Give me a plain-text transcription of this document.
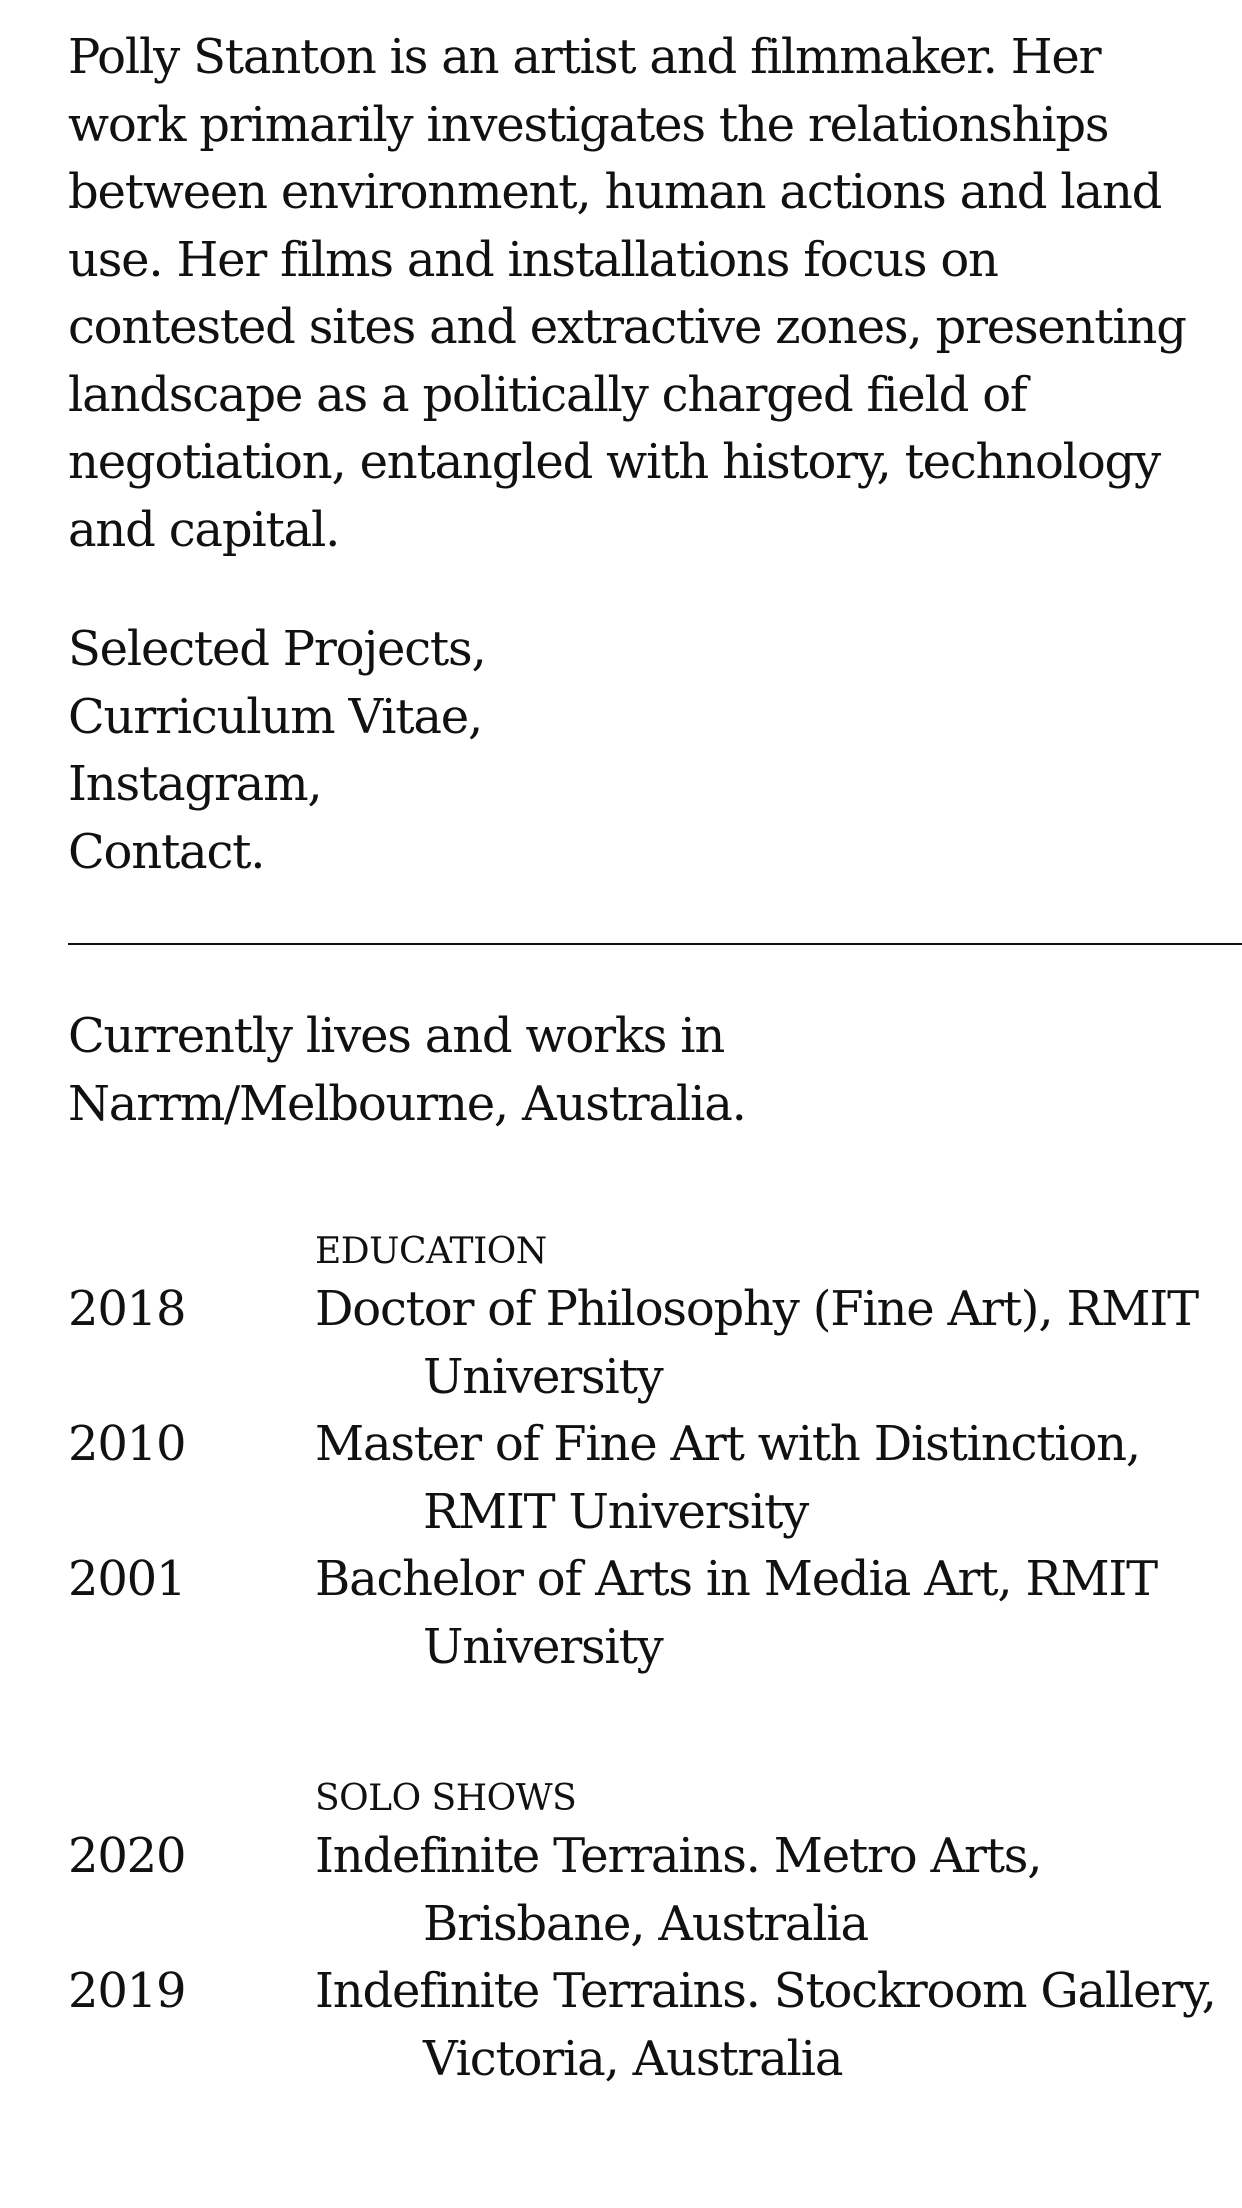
Polly Stanton is an artist and filmmaker. Her work primarily investigates the relationships between environment, human actions and land use. Her films and installations focus on contested sites and extractive zones, presenting landscape as a politically charged field of negotiation, entangled with history, technology and capital.

Selected Projects,
Curriculum Vitae,
Instagram,
Contact.
Currently lives and works in Narrm/Melbourne, Australia.
EDUCATION
2018	Doctor of Philosophy (Fine Art), RMIT University
2010	Master of Fine Art with Distinction, RMIT University
2001	Bachelor of Arts in Media Art, RMIT University
SOLO SHOWS
2020	Indefinite Terrains. Metro Arts, Brisbane, Australia
2019	Indefinite Terrains. Stockroom Gallery, Victoria, Australia
